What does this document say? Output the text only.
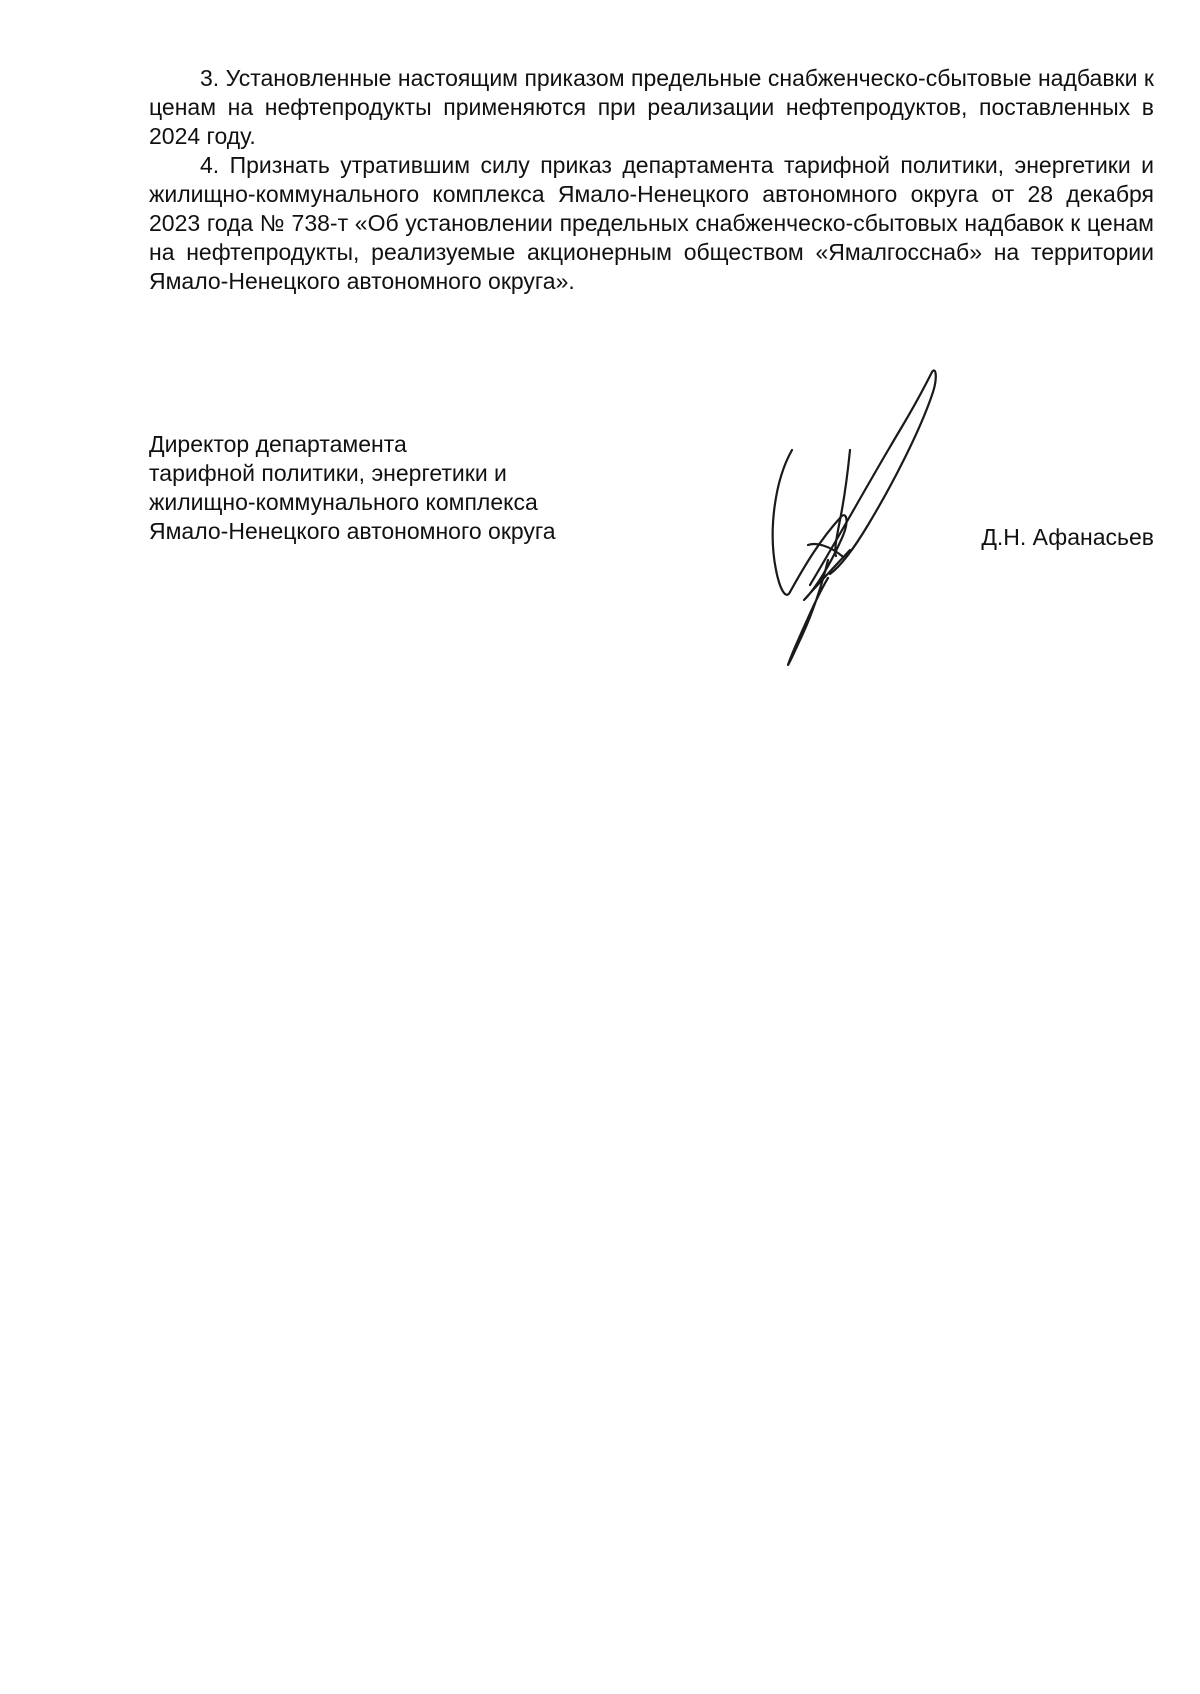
3. Установленные настоящим приказом предельные снабженческо-сбытовые надбавки к ценам на нефтепродукты применяются при реализации нефтепродуктов, поставленных в 2024 году.

4. Признать утратившим силу приказ департамента тарифной политики, энергетики и жилищно-коммунального комплекса Ямало-Ненецкого автономного округа от 28 декабря 2023 года № 738-т «Об установлении предельных снабженческо-сбытовых надбавок к ценам на нефтепродукты, реализуемые акционерным обществом «Ямалгосснаб» на территории Ямало-Ненецкого автономного округа».

Директор департамента
тарифной политики, энергетики и
жилищно-коммунального комплекса
Ямало-Ненецкого автономного округа	Д.Н. Афанасьев
